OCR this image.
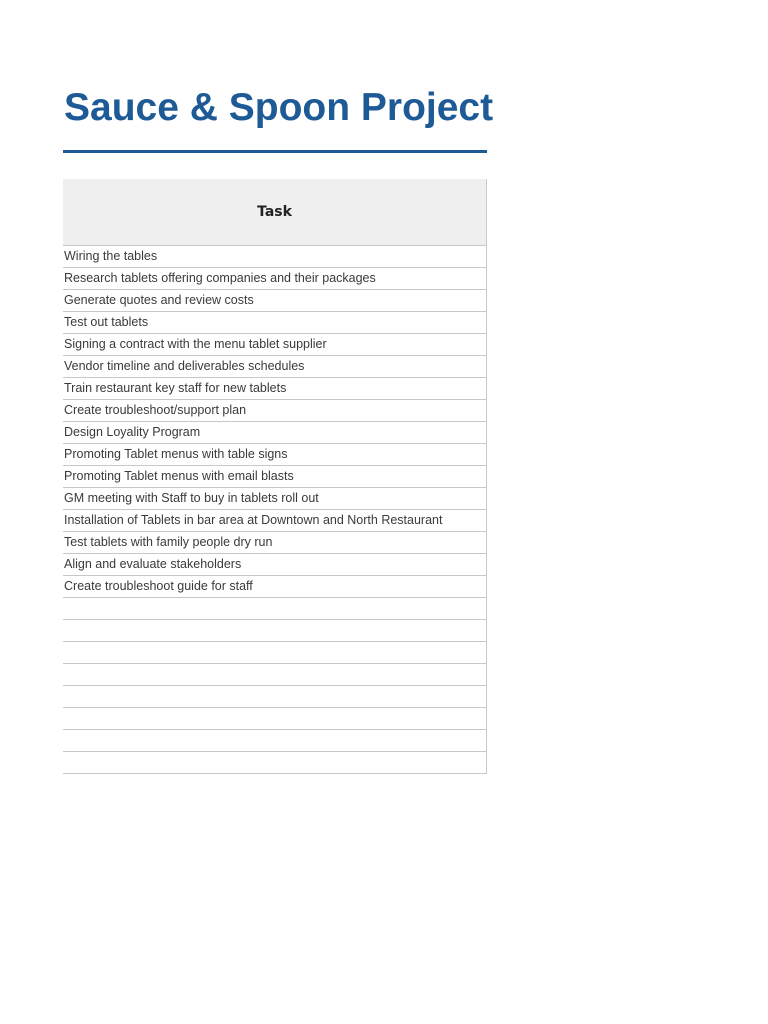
Sauce & Spoon Project
Task
Wiring the tables
Research tablets offering companies and their packages
Generate quotes and review costs
Test out tablets
Signing a contract with the menu tablet supplier
Vendor timeline and deliverables schedules
Train restaurant key staff for new tablets
Create troubleshoot/support plan
Design Loyality Program
Promoting Tablet menus with table signs
Promoting Tablet menus with email blasts
GM meeting with Staff to buy in tablets roll out
Installation of Tablets in bar area at Downtown and North Restaurant
Test tablets with family people dry run
Align and evaluate stakeholders
Create troubleshoot guide for staff
